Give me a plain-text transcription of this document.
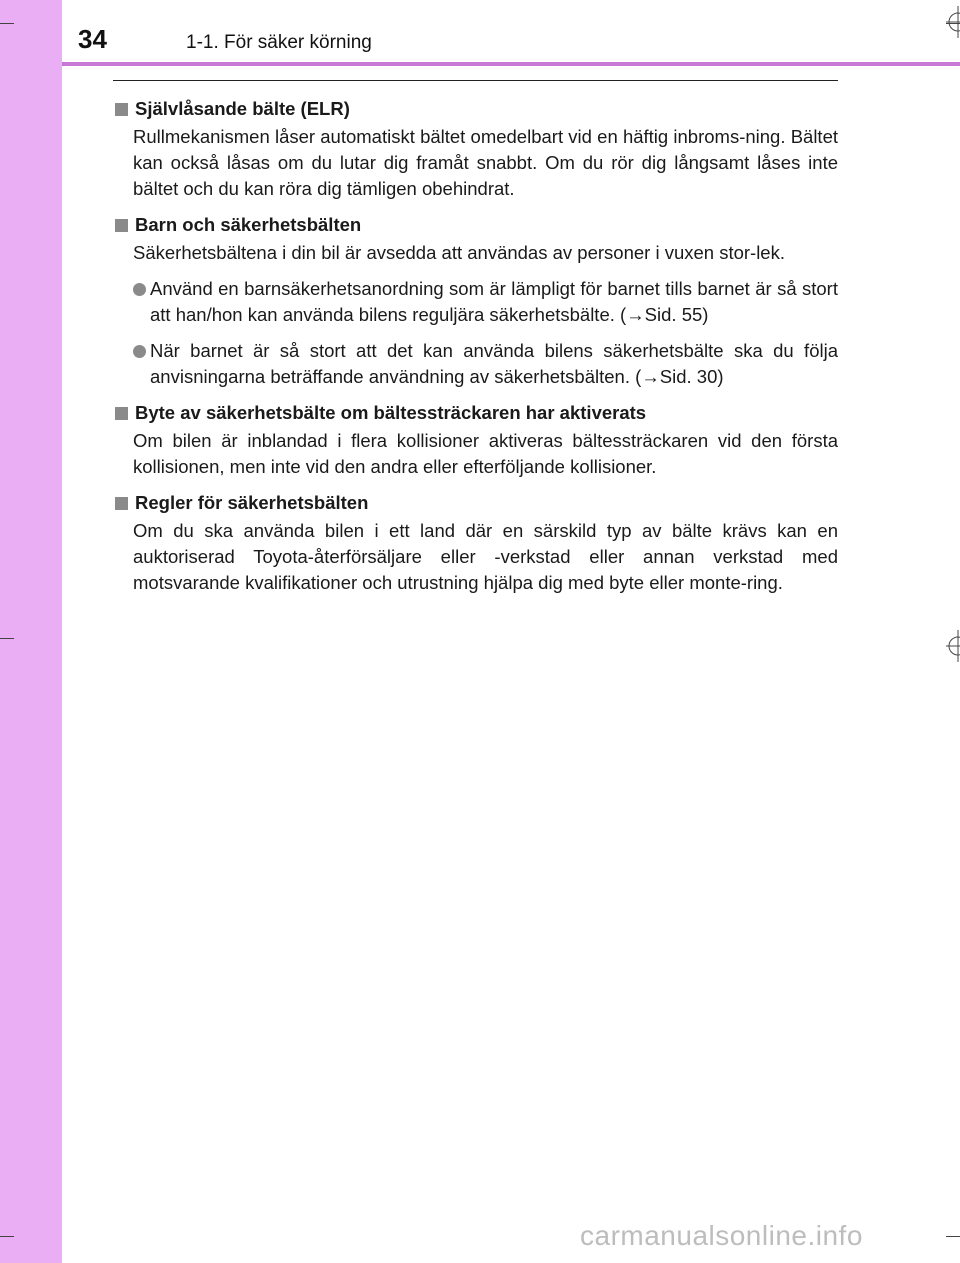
34	1-1. För säker körning
Självlåsande bälte (ELR)

Rullmekanismen låser automatiskt bältet omedelbart vid en häftig inbroms-ning. Bältet kan också låsas om du lutar dig framåt snabbt. Om du rör dig långsamt låses inte bältet och du kan röra dig tämligen obehindrat.

Barn och säkerhetsbälten

Säkerhetsbältena i din bil är avsedda att användas av personer i vuxen stor-lek.

Använd en barnsäkerhetsanordning som är lämpligt för barnet tills barnet är så stort att han/hon kan använda bilens reguljära säkerhetsbälte. (→Sid. 55)
När barnet är så stort att det kan använda bilens säkerhetsbälte ska du följa anvisningarna beträffande användning av säkerhetsbälten. (→Sid. 30)
Byte av säkerhetsbälte om bältessträckaren har aktiverats

Om bilen är inblandad i flera kollisioner aktiveras bältessträckaren vid den första kollisionen, men inte vid den andra eller efterföljande kollisioner.

Regler för säkerhetsbälten

Om du ska använda bilen i ett land där en särskild typ av bälte krävs kan en auktoriserad Toyota-återförsäljare eller -verkstad eller annan verkstad med motsvarande kvalifikationer och utrustning hjälpa dig med byte eller monte-ring.

carmanualsonline.info
